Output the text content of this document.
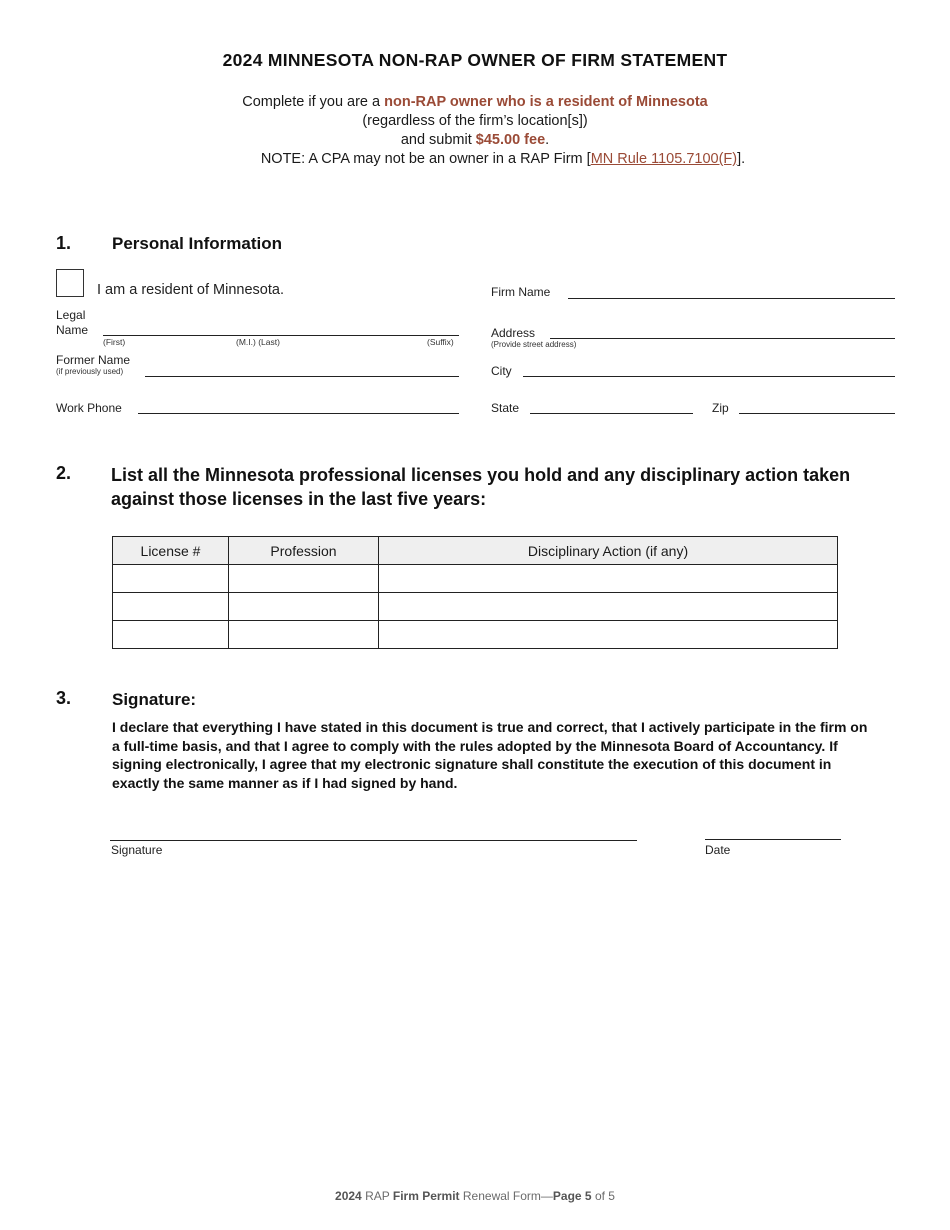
2024 MINNESOTA NON-RAP OWNER OF FIRM STATEMENT
Complete if you are a non-RAP owner who is a resident of Minnesota
(regardless of the firm’s location[s])
and submit $45.00 fee.
NOTE: A CPA may not be an owner in a RAP Firm [MN Rule 1105.7100(F)].
1. Personal Information
I am a resident of Minnesota.
Legal
Name
(First)	(M.I.) (Last)	(Suffix)
Former Name
(if previously used)
Work Phone
Firm Name
Address
(Provide street address)
City
State	Zip
2. List all the Minnesota professional licenses you hold and any disciplinary action taken
against those licenses in the last five years:
License #	Profession	Disciplinary Action (if any)

3. Signature:
I declare that everything I have stated in this document is true and correct, that I actively participate in the firm on a full-time basis, and that I agree to comply with the rules adopted by the Minnesota Board of Accountancy. If signing electronically, I agree that my electronic signature shall constitute the execution of this document in exactly the same manner as if I had signed by hand.
Signature	Date
2024 RAP Firm Permit Renewal Form—Page 5 of 5
